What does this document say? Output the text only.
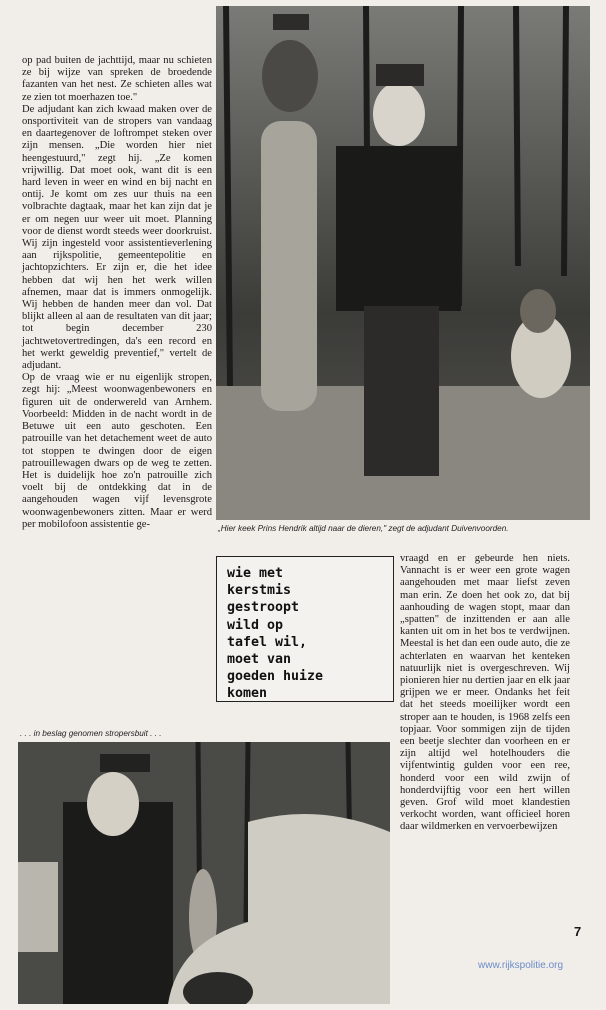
op pad buiten de jachttijd, maar nu schieten ze bij wijze van spreken de broedende fazanten van het nest. Ze schieten alles wat ze zien tot moerhazen toe."

De adjudant kan zich kwaad maken over de onsportiviteit van de stropers van vandaag en daartegenover de loftrompet steken over zijn mensen. „Die worden hier niet heengestuurd," zegt hij. „Ze komen vrijwillig. Dat moet ook, want dit is een hard leven in weer en wind en bij nacht en ontij. Je komt om zes uur thuis na een volbrachte dagtaak, maar het kan zijn dat je er om negen uur weer uit moet. Planning voor de dienst wordt steeds weer doorkruist. Wij zijn ingesteld voor assistentieverlening aan rijkspolitie, gemeentepolitie en jachtopzichters. Er zijn er, die het idee hebben dat wij hen het werk willen afnemen, maar dat is immers onmogelijk. Wij hebben de handen meer dan vol. Dat blijkt alleen al aan de resultaten van dit jaar; tot begin december 230 jachtwetovertredingen, da's een record en het werkt geweldig preventief," vertelt de adjudant.

Op de vraag wie er nu eigenlijk stropen, zegt hij: „Meest woonwagenbewoners en figuren uit de onderwereld van Arnhem. Voorbeeld: Midden in de nacht wordt in de Betuwe uit een auto geschoten. Een patrouille van het detachement weet de auto tot stoppen te dwingen door de eigen patrouillewagen dwars op de weg te zetten. Het is duidelijk hoe zo'n patrouille zich voelt bij de ontdekking dat in de aangehouden wagen vijf levensgrote woonwagenbewoners zitten. Maar er werd per mobilofoon assistentie ge-	„Hier keek Prins Hendrik altijd naar de dieren," zegt de adjudant Duivenvoorden.
wie met
kerstmis
gestroopt
wild op
tafel wil,
moet van
goeden huize
komen

vraagd en er gebeurde hen niets. Vannacht is er weer een grote wagen aangehouden met maar liefst zeven man erin. Ze doen het ook zo, dat bij aanhouding de wagen stopt, maar dan „spatten" de inzittenden er aan alle kanten uit om in het bos te verdwijnen. Meestal is het dan een oude auto, die ze achterlaten en waarvan het kenteken natuurlijk niet is overgeschreven. Wij pionieren hier nu dertien jaar en elk jaar grijpen we er meer. Ondanks het feit dat het steeds moeilijker wordt een stroper aan te houden, is 1968 zelfs een topjaar. Voor sommigen zijn de tijden een beetje slechter dan voorheen en er zijn altijd wel hotelhouders die vijfentwintig gulden voor een ree, honderd voor een wild zwijn of honderdvijftig voor een hert willen geven. Grof wild moet klandestien verkocht worden, want officieel horen daar wildmerken en vervoerbewijzen

. . . in beslag genomen stropersbuit . . .
7
www.rijkspolitie.org
